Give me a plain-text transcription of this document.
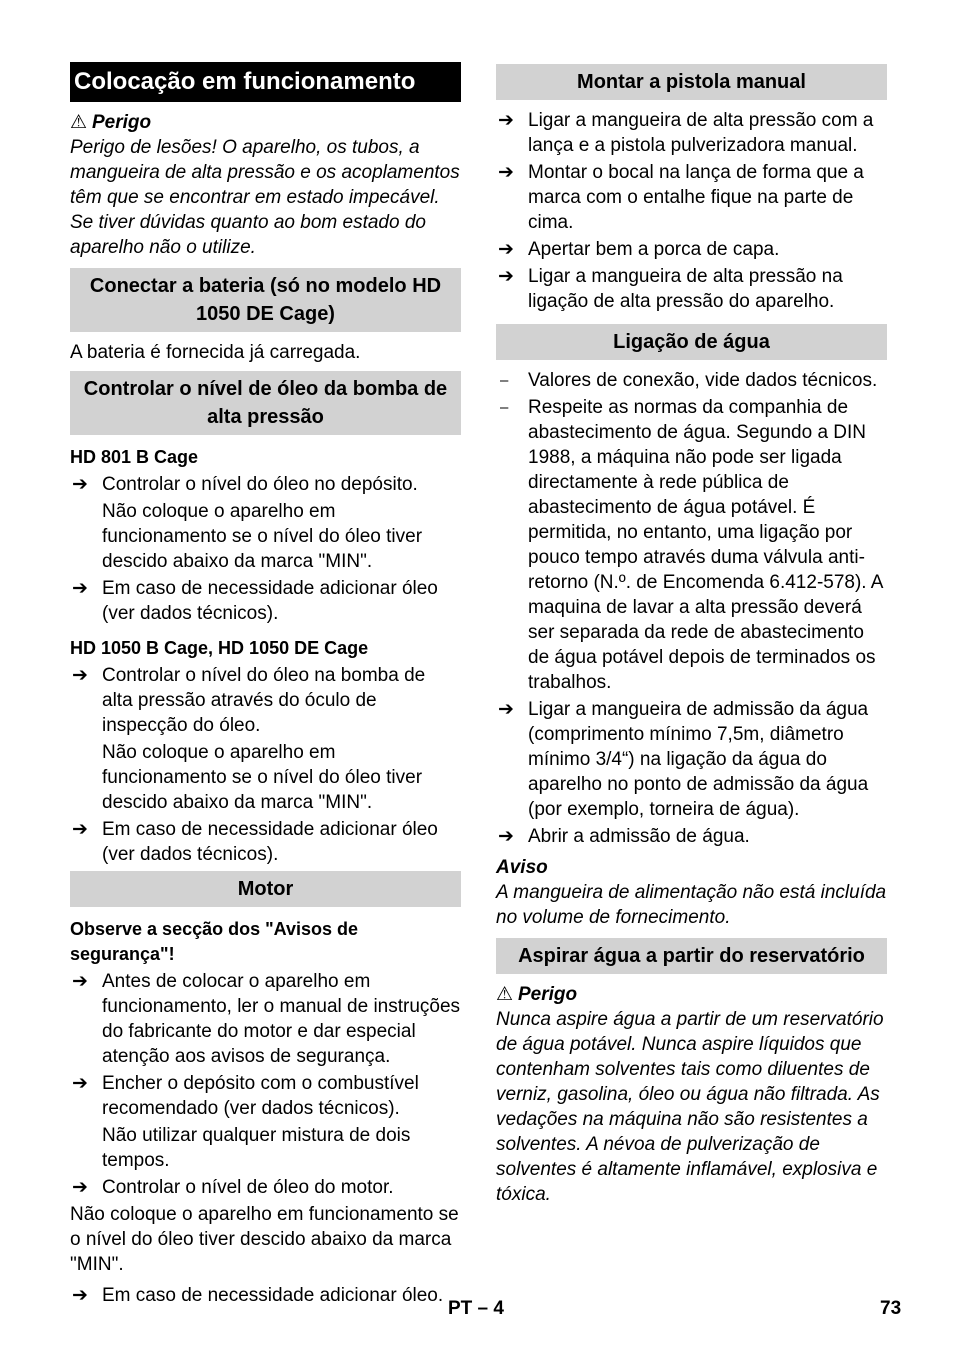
Colocação em funcionamento
⚠ Perigo

Perigo de lesões! O aparelho, os tubos, a mangueira de alta pressão e os acoplamentos têm que se encontrar em estado impecável. Se tiver dúvidas quanto ao bom estado do aparelho não o utilize.

Conectar a bateria (só no modelo HD 1050 DE Cage)

A bateria é fornecida já carregada.

Controlar o nível de óleo da bomba de alta pressão
HD 801 B Cage
➔ Controlar o nível do óleo no depósito.
Não coloque o aparelho em funcionamento se o nível do óleo tiver descido abaixo da marca "MIN".
➔ Em caso de necessidade adicionar óleo (ver dados técnicos).
HD 1050 B Cage, HD 1050 DE Cage
➔ Controlar o nível do óleo na bomba de alta pressão através do óculo de inspecção do óleo.
Não coloque o aparelho em funcionamento se o nível do óleo tiver descido abaixo da marca "MIN".
➔ Em caso de necessidade adicionar óleo (ver dados técnicos).
Motor
Observe a secção dos "Avisos de segurança"!
➔ Antes de colocar o aparelho em funcionamento, ler o manual de instruções do fabricante do motor e dar especial atenção aos avisos de segurança.
➔ Encher o depósito com o combustível recomendado (ver dados técnicos).
Não utilizar qualquer mistura de dois tempos.
➔ Controlar o nível de óleo do motor.

Não coloque o aparelho em funcionamento se o nível do óleo tiver descido abaixo da marca "MIN".

➔ Em caso de necessidade adicionar óleo.
Montar a pistola manual
➔ Ligar a mangueira de alta pressão com a lança e a pistola pulverizadora manual.
➔ Montar o bocal na lança de forma que a marca com o entalhe fique na parte de cima.
➔ Apertar bem a porca de capa.
➔ Ligar a mangueira de alta pressão na ligação de alta pressão do aparelho.
Ligação de água
–	Valores de conexão, vide dados técnicos.
–	Respeite as normas da companhia de abastecimento de água. Segundo a DIN 1988, a máquina não pode ser ligada directamente à rede pública de abastecimento de água potável. É permitida, no entanto, uma ligação por pouco tempo através duma válvula anti-retorno (N.º. de Encomenda 6.412-578). A maquina de lavar a alta pressão deverá ser separada da rede de abastecimento de água potável depois de terminados os trabalhos.
➔ Ligar a mangueira de admissão da água (comprimento mínimo 7,5m, diâmetro mínimo 3/4“) na ligação da água do aparelho no ponto de admissão da água (por exemplo, torneira de água).
➔ Abrir a admissão de água.
Aviso

A mangueira de alimentação não está incluída no volume de fornecimento.

Aspirar água a partir do reservatório
⚠ Perigo

Nunca aspire água a partir de um reservatório de água potável. Nunca aspire líquidos que contenham solventes tais como diluentes de verniz, gasolina, óleo ou água não filtrada. As vedações na máquina não são resistentes a solventes. A névoa de pulverização de solventes é altamente inflamável, explosiva e tóxica.

PT – 4	73
